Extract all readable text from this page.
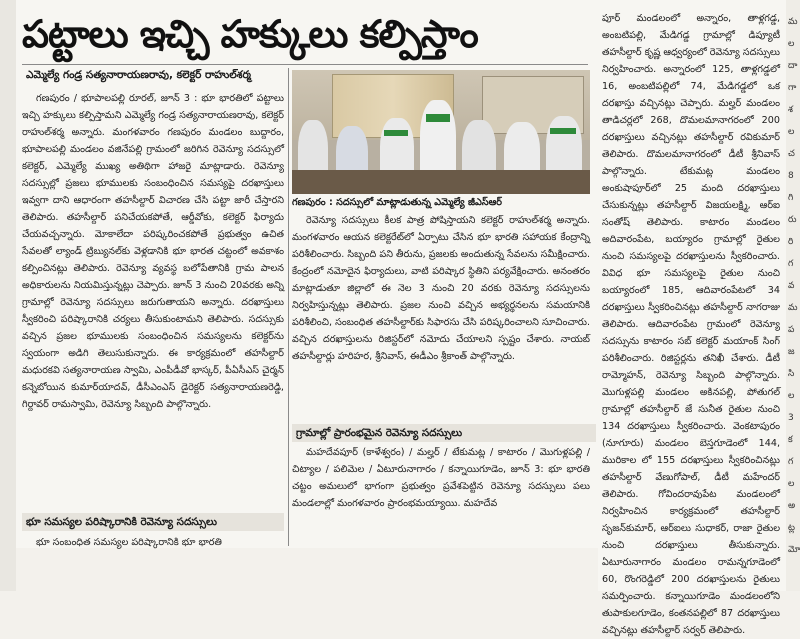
పట్టాలు ఇచ్చి హక్కులు కల్పిస్తాం
ఎమ్మెల్యే గండ్ర సత్యనారాయణరావు, కలెక్టర్ రాహుల్‌శర్మ

గణపురం / భూపాలపల్లి రూరల్, జూన్ 3 : భూ భారతిలో పట్టాలు ఇచ్చి హక్కులు కల్పిస్తామని ఎమ్మెల్యే గండ్ర సత్యనారాయణరావు, కలెక్టర్ రాహుల్‌శర్మ అన్నారు. మంగళవారం గణపురం మండలం బుద్దారం, భూపాలపల్లి మండలం వజినేపల్లి గ్రామంలో జరిగిన రెవెన్యూ సదస్సులో కలెక్టర్, ఎమ్మెల్యే ముఖ్య అతిథిగా హాజరై మాట్లాడారు. రెవెన్యూ సదస్సుల్లో ప్రజలు భూములకు సంబంధించిన సమస్యపై దరఖాస్తులు ఇవ్వగా దాని ఆధారంగా తహసీల్దార్ విచారణ చేసి పట్టా జారీ చేస్తారని తెలిపారు. తహసీల్దార్ పనిచేయకపోతే, ఆర్డీవోకు, కలెక్టర్ ఫిర్యాదు చేయవచ్చన్నారు. మోకాలేదా పరిష్కరించకపోతే ప్రభుత్వం ఉచిత సేవలతో ల్యాండ్ ట్రిబ్యునల్‌కు వెళ్లడానికి భూ భారత చట్టంలో అవకాశం కల్పించినట్లు తెలిపారు. రెవెన్యూ వ్యవస్థ బలోపేతానికి గ్రామ పాలన అధికారులను నియమిస్తున్నట్లు చెప్పారు. జూన్ 3 నుంచి 20వరకు అన్ని గ్రామాల్లో రెవెన్యూ సదస్సులు జరుగుతాయని అన్నారు. దరఖాస్తులు స్వీకరించి పరిష్కారానికి చర్యలు తీసుకుంటామని తెలిపారు. సదస్సుకు వచ్చిన ప్రజల భూములకు సంబంధించిన సమస్యలను కలెక్టర్‌ను స్వయంగా అడిగి తెలుసుకున్నారు. ఈ కార్యక్రమంలో తహసీల్దార్ మధురకవి సత్యనారాయణ స్వామి, ఎంపీడీవో భాస్కర్, పీఏసీఎస్ చైర్మన్ కన్నెబోయిన కుమార్‌యాదవ్, డీసీఎంఎస్ డైరెక్టర్ సత్యనారాయణరెడ్డి, గిర్దావర్ రామస్వామి, రెవెన్యూ సిబ్బంది పాల్గొన్నారు.

భూ సమస్యల పరిష్కారానికి రెవెన్యూ సదస్సులు

భూ సంబంధిత సమస్యల పరిష్కారానికి భూ భారతి

గణపురం : సదస్సులో మాట్లాడుతున్న ఎమ్మెల్యే జీఎస్ఆర్

రెవెన్యూ సదస్సులు కీలక పాత్ర పోషిస్తాయని కలెక్టర్ రాహుల్‌శర్మ అన్నారు. మంగళవారం ఆయన కలెక్టరేట్‌లో ఏర్పాటు చేసిన భూ భారతి సహాయక కేంద్రాన్ని పరిశీలించారు. సిబ్బంది పని తీరును, ప్రజలకు అందుతున్న సేవలను సమీక్షించారు. కేంద్రంలో నమోదైన ఫిర్యాదులు, వాటి పరిష్కార స్థితిని పర్యవేక్షించారు. అనంతరం మాట్లాడుతూ జిల్లాలో ఈ నెల 3 నుంచి 20 వరకు రెవెన్యూ సదస్సులను నిర్వహిస్తున్నట్లు తెలిపారు. ప్రజల నుంచి వచ్చిన అభ్యర్థనలను సమయానికి పరిశీలించి, సంబంధిత తహసీల్దార్‌కు సిఫారసు చేసి పరిష్కరించాలని సూచించారు. వచ్చిన దరఖాస్తులను రిజిస్టర్‌లో నమోదు చేయాలని స్పష్టం చేశారు. నాయబ్ తహసీల్దార్లు హరిహర, శ్రీనివాస్, ఈడీఎం శ్రీకాంత్ పాల్గొన్నారు.

గ్రామాల్లో ప్రారంభమైన రెవెన్యూ సదస్సులు

మహదేవపూర్ (కాళేశ్వరం) / మల్హర్ / టేకుమట్ల / కాటారం / మొగుళ్లపల్లి / చిట్యాల / పలిమెల / ఏటూరునాగారం / కన్నాయిగూడెం, జూన్ 3: భూ భారతి చట్టం అమలులో భాగంగా ప్రభుత్వం ప్రవేశపెట్టిన రెవెన్యూ సదస్సులు పలు మండలాల్లో మంగళవారం ప్రారంభమయ్యాయి. మహదేవ

పూర్ మండలంలో అన్నారం, తాళ్లగడ్డ, అంబటిపల్లి, మేడిగడ్డ గ్రామాల్లో డిప్యూటీ తహసీల్దార్ కృష్ణ ఆధ్వర్యంలో రెవెన్యూ సదస్సులు నిర్వహించారు. అన్నారంలో 125, తాళ్లగడ్డలో 16, అంబటిపల్లిలో 74, మేడిగడ్డలో ఒక దరఖాస్తు వచ్చినట్లు చెప్పారు. మల్హర్ మండలం తాడిచర్లలో 268, దొమలమానాగరంలో 200 దరఖాస్తులు వచ్చినట్లు తహసీల్దార్ రవికుమార్ తెలిపారు. దొమలమానాగరంలో డీటీ శ్రీనివాస్ పాల్గొన్నారు. టేకుమట్ల మండలం అంకుషాపూర్‌లో 25 మంది దరఖాస్తులు చేసుకున్నట్లు తహసీల్దార్ విజయలక్ష్మి, ఆర్‌ఐ సంతోష్ తెలిపారు. కాటారం మండలం అదివారంపేట, బయ్యారం గ్రామాల్లో రైతుల నుంచి సమస్యలపై దరఖాస్తులను స్వీకరించారు. వివిధ భూ సమస్యలపై రైతుల నుంచి బయ్యారంలో 185, ఆదివారంపేటలో 34 దరఖాస్తులు స్వీకరించినట్లు తహసీల్దార్ నాగరాజు తెలిపారు. ఆదివారంపేట గ్రామంలో రెవెన్యూ సదస్సును కాటారం సబ్ కలెక్టర్ మయాంక్ సింగ్ పరిశీలించారు. రిజిస్టర్లను తనిఖీ చేశారు. డీటీ రామ్మోహన్, రెవెన్యూ సిబ్బంది పాల్గొన్నారు. మొగుళ్లపల్లి మండలం అకినపల్లి, పోతుగల్ గ్రామాల్లో తహసీల్దార్ జే సునీత రైతుల నుంచి 134 దరఖాస్తులు స్వీకరించారు. వెంకటాపురం (నూగూరు) మండలం బెస్తగూడెంలో 144, మురికాల లో 155 దరఖాస్తులు స్వీకరించినట్లు తహసీల్దార్ వేణుగోపాల్, డీటీ మహేందర్ తెలిపారు. గోవిందరావుపేట మండలంలో నిర్వహించిన కార్యక్రమంలో తహసీల్దార్ సృజన్‌కుమార్, ఆర్ఐలు సుధాకర్, రాజా రైతుల నుంచి దరఖాస్తులు తీసుకున్నారు. ఏటూరునాగారం మండలం రామన్నగూడెంలో 60, రొంగరెడ్డిలో 200 దరఖాస్తులను రైతులు సమర్పించారు. కన్నాయిగూడెం మండలంలోని తుపాకులగూడెం, కంతనపల్లిలో 87 దరఖాస్తులు వచ్చినట్లు తహసీల్దార్ సర్వర్ తెలిపారు.

మ
ల
దా
గా
శ
ల
చ
8
గి
రు
రి
గ
వ
మ
ప
జ
సి
ల
3
క
గ
ల
అ
ట్ల
మో
